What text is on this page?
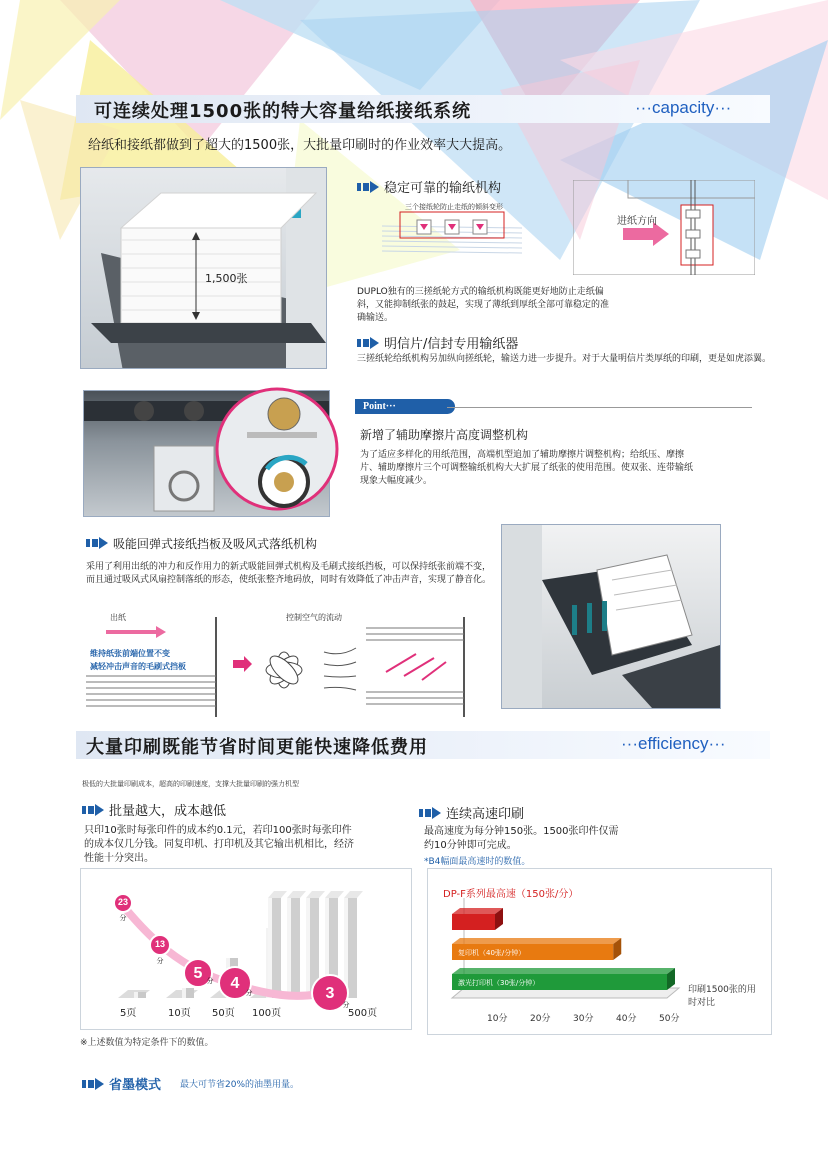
可连续处理1500张的特大容量给纸接纸系统	···capacity···
给纸和接纸都做到了超大的1500张，大批量印刷时的作业效率大大提高。
1,500张
稳定可靠的输纸机构
三个接纸轮防止走纸的倾斜变形
进纸方向
DUPLO独有的三搓纸轮方式的输纸机构既能更好地防止走纸偏斜，又能抑制纸张的鼓起，实现了薄纸到厚纸全部可靠稳定的准确输送。
明信片/信封专用输纸器
三搓纸轮给纸机构另加纵向搓纸轮，输送力进一步提升。对于大量明信片类厚纸的印刷，更是如虎添翼。
Point···
新增了辅助摩擦片高度调整机构
为了适应多样化的用纸范围，高端机型追加了辅助摩擦片调整机构；给纸压、摩擦片、辅助摩擦片三个可调整输纸机构大大扩展了纸张的使用范围。使双张、连带输纸现象大幅度减少。
吸能回弹式接纸挡板及吸风式落纸机构
采用了利用出纸的冲力和反作用力的新式吸能回弹式机构及毛刷式接纸挡板，可以保持纸张前端不变，而且通过吸风式风扇控制落纸的形态，使纸张整齐地码放，同时有效降低了冲击声音，实现了静音化。
出纸	控制空气的流动
维持纸张前端位置不变
减轻冲击声音的毛刷式挡板
大量印刷既能节省时间更能快速降低费用	···efficiency···
极低的大批量印刷成本，超高的印刷速度，支撑大批量印刷的强力机型
批量越大，成本越低
只印10张时每张印件的成本约0.1元，若印100张时每张印件的成本仅几分钱。同复印机、打印机及其它输出机相比，经济性能十分突出。
连续高速印刷
最高速度为每分钟150张。1500张印件仅需约10分钟即可完成。
*B4幅面最高速时的数值。
5页	10页 50页 100页	500页
23
分
13
分
5 分 4
分	3
分
DP-F系列最高速（150张/分）
复印机（40张/分钟）
激光打印机（30张/分钟）
10分	20分	30分	40分	50分
印刷1500张的用时对比
※上述数值为特定条件下的数值。
省墨模式 最大可节省20%的油墨用量。
